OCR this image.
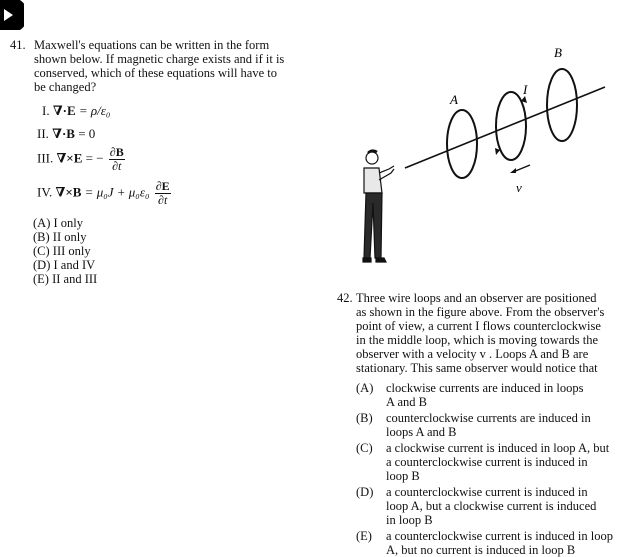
41. Maxwell's equations can be written in the form
shown below. If magnetic charge exists and if it is
conserved, which of these equations will have to
be changed?
I. ∇·E = ρ/ε₀
II. ∇·B = 0
III. ∇×E = − $\frac{\partial B}{\partial t}$
IV. $\nabla\times B = \mu_0J + \mu_0\varepsilon_0 \frac{\partial E}{\partial t}$
(A) I only
(B) II only
(C) III only
(D) I and IV
(E) II and III
A
B
I
v
42. Three wire loops and an observer are positioned
as shown in the figure above. From the observer's
point of view, a current I flows counterclockwise
in the middle loop, which is moving towards the
observer with a velocity v . Loops A and B are
stationary. This same observer would notice that
(A)	clockwise currents are induced in loops
A and B
(B)	counterclockwise currents are induced in
loops A and B
(C)	a clockwise current is induced in loop A, but
a counterclockwise current is induced in
loop B
(D)	a counterclockwise current is induced in
loop A, but a clockwise current is induced
in loop B
(E)	a counterclockwise current is induced in loop
A, but no current is induced in loop B
